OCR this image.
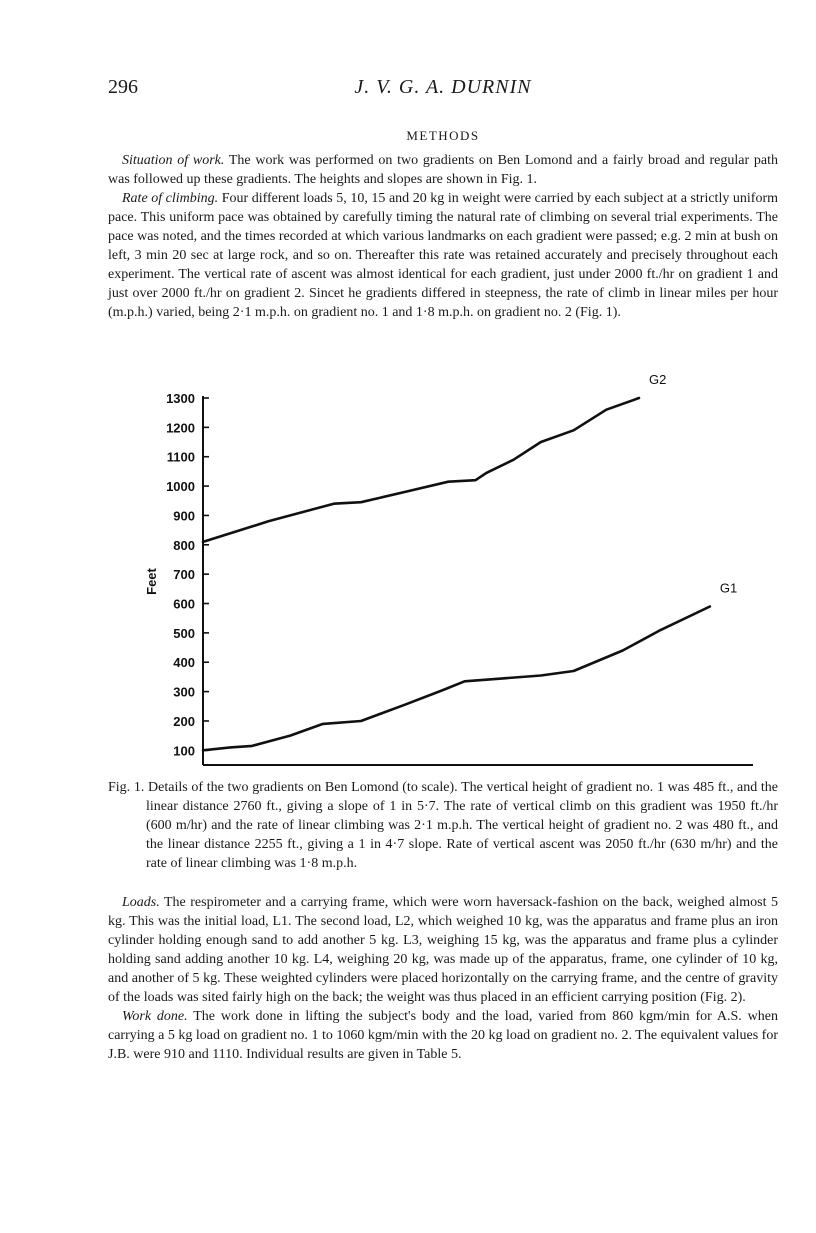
296	J. V. G. A. DURNIN
METHODS

Situation of work. The work was performed on two gradients on Ben Lomond and a fairly broad and regular path was followed up these gradients. The heights and slopes are shown in Fig. 1.

Rate of climbing. Four different loads 5, 10, 15 and 20 kg in weight were carried by each subject at a strictly uniform pace. This uniform pace was obtained by carefully timing the natural rate of climbing on several trial experiments. The pace was noted, and the times recorded at which various landmarks on each gradient were passed; e.g. 2 min at bush on left, 3 min 20 sec at large rock, and so on. Thereafter this rate was retained accurately and precisely throughout each experiment. The vertical rate of ascent was almost identical for each gradient, just under 2000 ft./hr on gradient 1 and just over 2000 ft./hr on gradient 2. Sincet he gradients differed in steepness, the rate of climb in linear miles per hour (m.p.h.) varied, being 2·1 m.p.h. on gradient no. 1 and 1·8 m.p.h. on gradient no. 2 (Fig. 1).

100
200
300
400
500
600
700
800
900
1000
1100
1200
1300
Feet
G2
G1
Fig. 1. Details of the two gradients on Ben Lomond (to scale). The vertical height of gradient no. 1 was 485 ft., and the linear distance 2760 ft., giving a slope of 1 in 5·7. The rate of vertical climb on this gradient was 1950 ft./hr (600 m/hr) and the rate of linear climbing was 2·1 m.p.h. The vertical height of gradient no. 2 was 480 ft., and the linear distance 2255 ft., giving a 1 in 4·7 slope. Rate of vertical ascent was 2050 ft./hr (630 m/hr) and the rate of linear climbing was 1·8 m.p.h.

Loads. The respirometer and a carrying frame, which were worn haversack-fashion on the back, weighed almost 5 kg. This was the initial load, L1. The second load, L2, which weighed 10 kg, was the apparatus and frame plus an iron cylinder holding enough sand to add another 5 kg. L3, weighing 15 kg, was the apparatus and frame plus a cylinder holding sand adding another 10 kg. L4, weighing 20 kg, was made up of the apparatus, frame, one cylinder of 10 kg, and another of 5 kg. These weighted cylinders were placed horizontally on the carrying frame, and the centre of gravity of the loads was sited fairly high on the back; the weight was thus placed in an efficient carrying position (Fig. 2).

Work done. The work done in lifting the subject's body and the load, varied from 860 kgm/min for A.S. when carrying a 5 kg load on gradient no. 1 to 1060 kgm/min with the 20 kg load on gradient no. 2. The equivalent values for J.B. were 910 and 1110. Individual results are given in Table 5.
